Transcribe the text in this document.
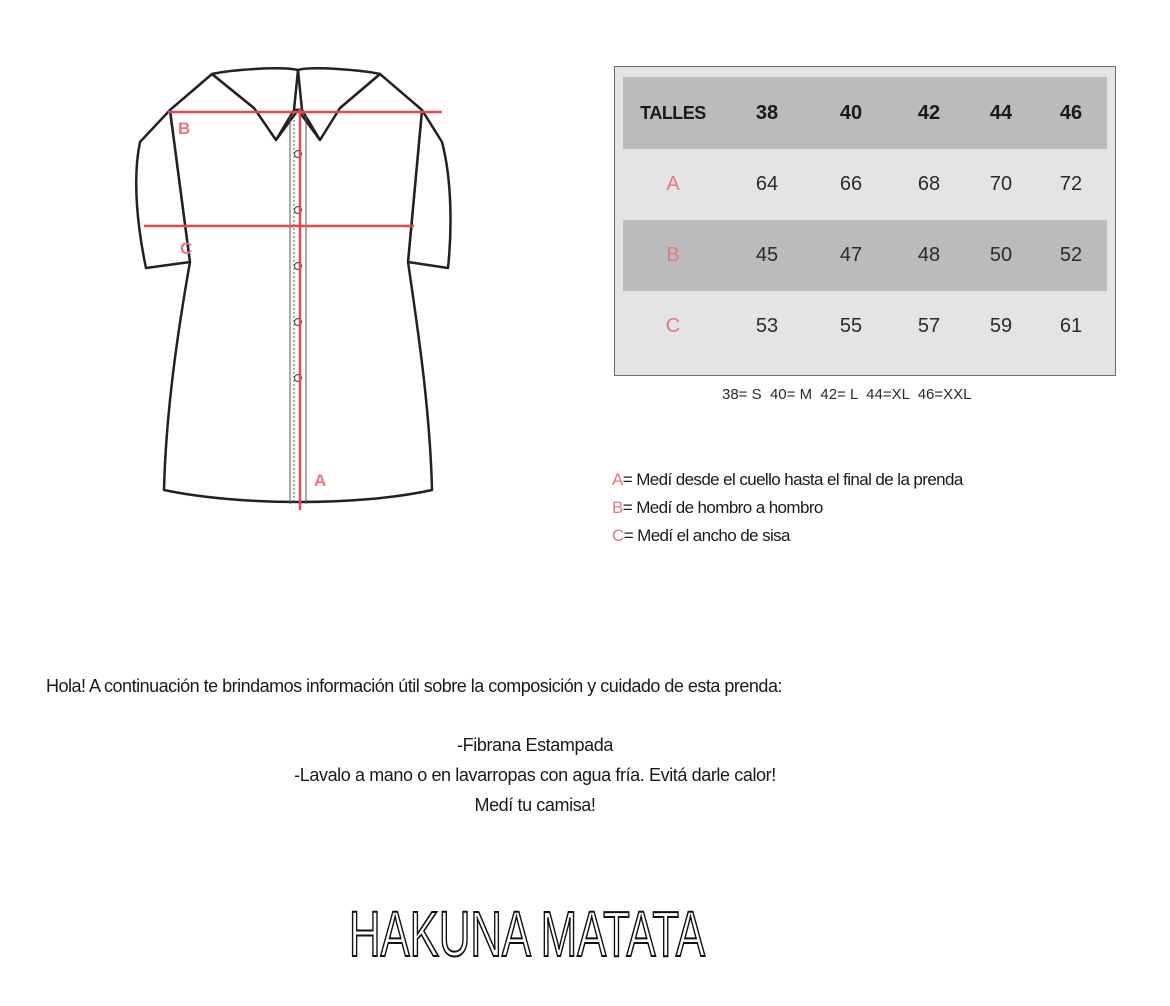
B
C
A
TALLES	38	40	42	44	46
A	64	66	68	70	72
B	45	47	48	50	52
C	53	55	57	59	61
38= S  40= M  42= L  44=XL  46=XXL
A= Medí desde el cuello hasta el final de la prenda
B= Medí de hombro a hombro
C= Medí el ancho de sisa
Hola! A continuación te brindamos información útil sobre la composición y cuidado de esta prenda:
-Fibrana Estampada
-Lavalo a mano o en lavarropas con agua fría. Evitá darle calor!
Medí tu camisa!
HAKUNA MATATA
